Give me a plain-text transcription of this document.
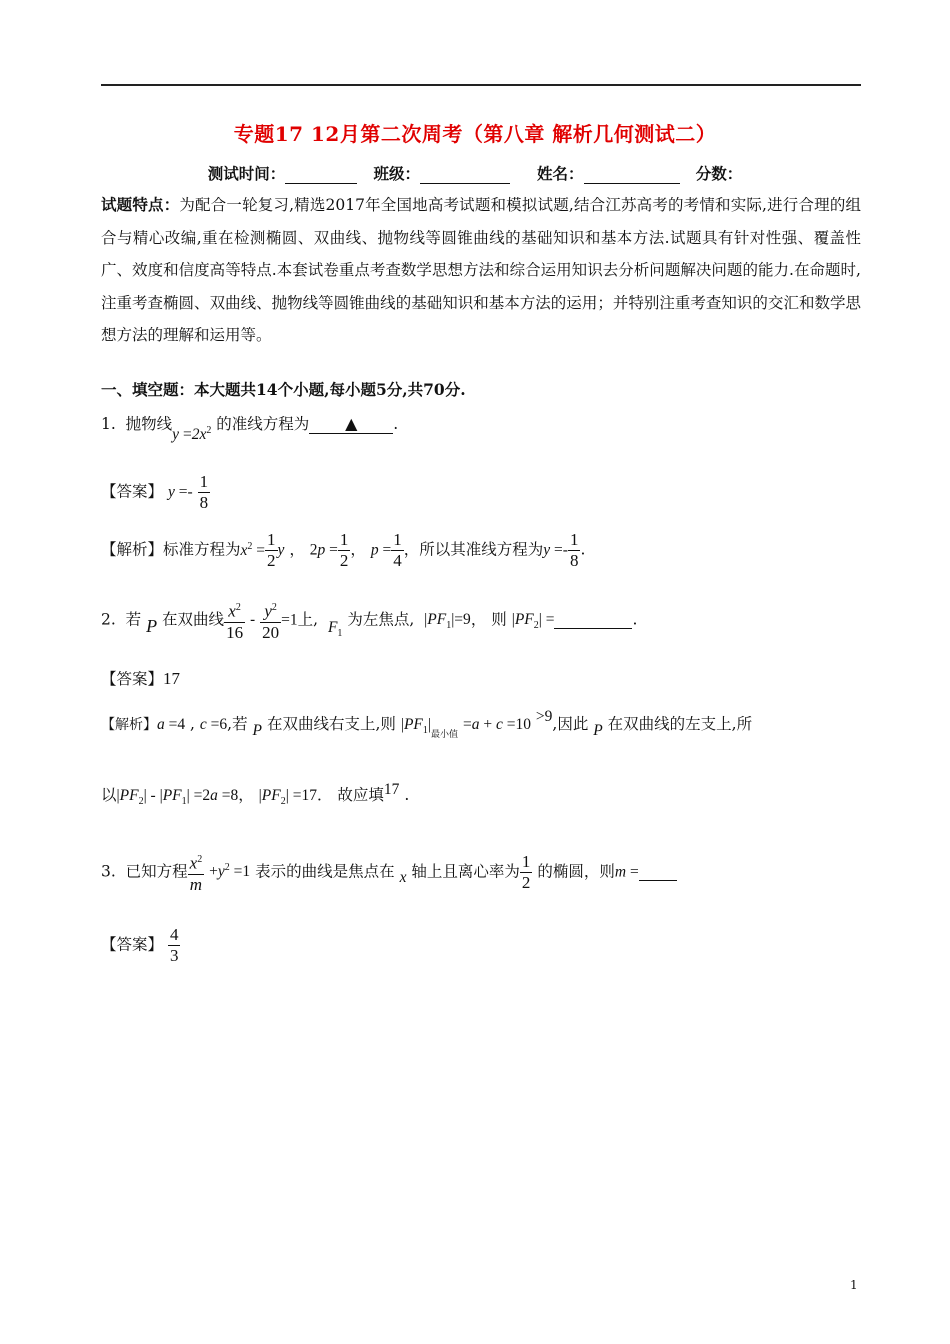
专题17 12月第二次周考（第八章 解析几何测试二）
测试时间：	班级：	姓名：	分数：
试题特点：为配合一轮复习,精选2017年全国地高考试题和模拟试题,结合江苏高考的考情和实际,进行合理的组合与精心改编,重在检测椭圆、双曲线、抛物线等圆锥曲线的基础知识和基本方法.试题具有针对性强、覆盖性广、效度和信度高等特点.本套试卷重点考查数学思想方法和综合运用知识去分析问题解决问题的能力.在命题时,注重考查椭圆、双曲线、抛物线等圆锥曲线的基础知识和基本方法的运用；并特别注重考查知识的交汇和数学思想方法的理解和运用等。
一、填空题：本大题共14个小题,每小题5分,共70分.
1. 抛物线$y =2x^2$ 的准线方程为 ▲ .
【答案】 $y =- \frac{1}{8}$
【解析】标准方程为$x^2 = \frac{1}{2}$ y ， $2p = \frac{1}{2}$ ， $p = \frac{1}{4}$ ，所以其准线方程为$y =- \frac{1}{8}$ .
2. 若 P 在双曲线 $\frac{x^2}{16} - \frac{y^2}{20} =1$上, $F_1$ 为左焦点, $|PF_1|=9$， 则 $|PF_2|$ =	.
【答案】17
【解析】a =4 , c =6,若 P 在双曲线右支上,则 $|PF_1|_{最小值} =a + c =10 >9$,因此 P 在双曲线的左支上,所
以$|PF_2| - |PF_1| =2a =8$， $|PF_2| =17$． 故应填17 .
3. 已知方程 $\frac{x^2}{m} +y^2 =1$ 表示的曲线是焦点在 x 轴上且离心率为 $\frac{1}{2}$ 的椭圆，则m =
【答案】 $\frac{4}{3}$
1
